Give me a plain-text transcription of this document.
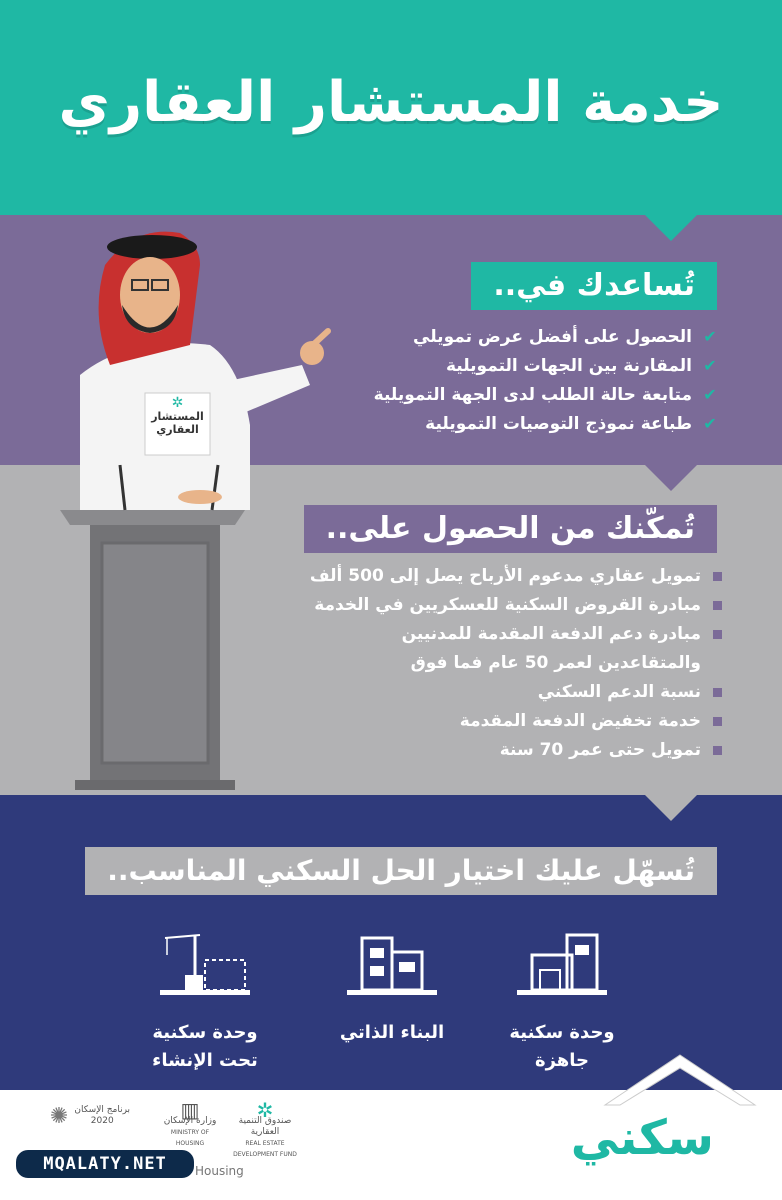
خدمة المستشار العقاري
تُساعدك في..
✔الحصول على أفضل عرض تمويلي
✔المقارنة بين الجهات التمويلية
✔متابعة حالة الطلب لدى الجهة التمويلية
✔طباعة نموذج التوصيات التمويلية
تُمكّنك من الحصول على..
تمويل عقاري مدعوم الأرباح يصل إلى 500 ألف
مبادرة القروض السكنية للعسكريين في الخدمة
مبادرة دعم الدفعة المقدمة للمدنيين
والمتقاعدين لعمر 50 عام فما فوق
نسبة الدعم السكني
خدمة تخفيض الدفعة المقدمة
تمويل حتى عمر 70 سنة
✲
المستشار
العقاري
تُسهّل عليك اختيار الحل السكني المناسب..
وحدة سكنية
جاهزة
البناء الذاتي
وحدة سكنية
تحت الإنشاء
سكني
✲
صندوق التنمية العقارية
REAL ESTATE DEVELOPMENT FUND
▥
وزارة الإسكان
MINISTRY OF HOUSING
برنامج الإسكان
2020
✺
Housing
MQALATY.NET
